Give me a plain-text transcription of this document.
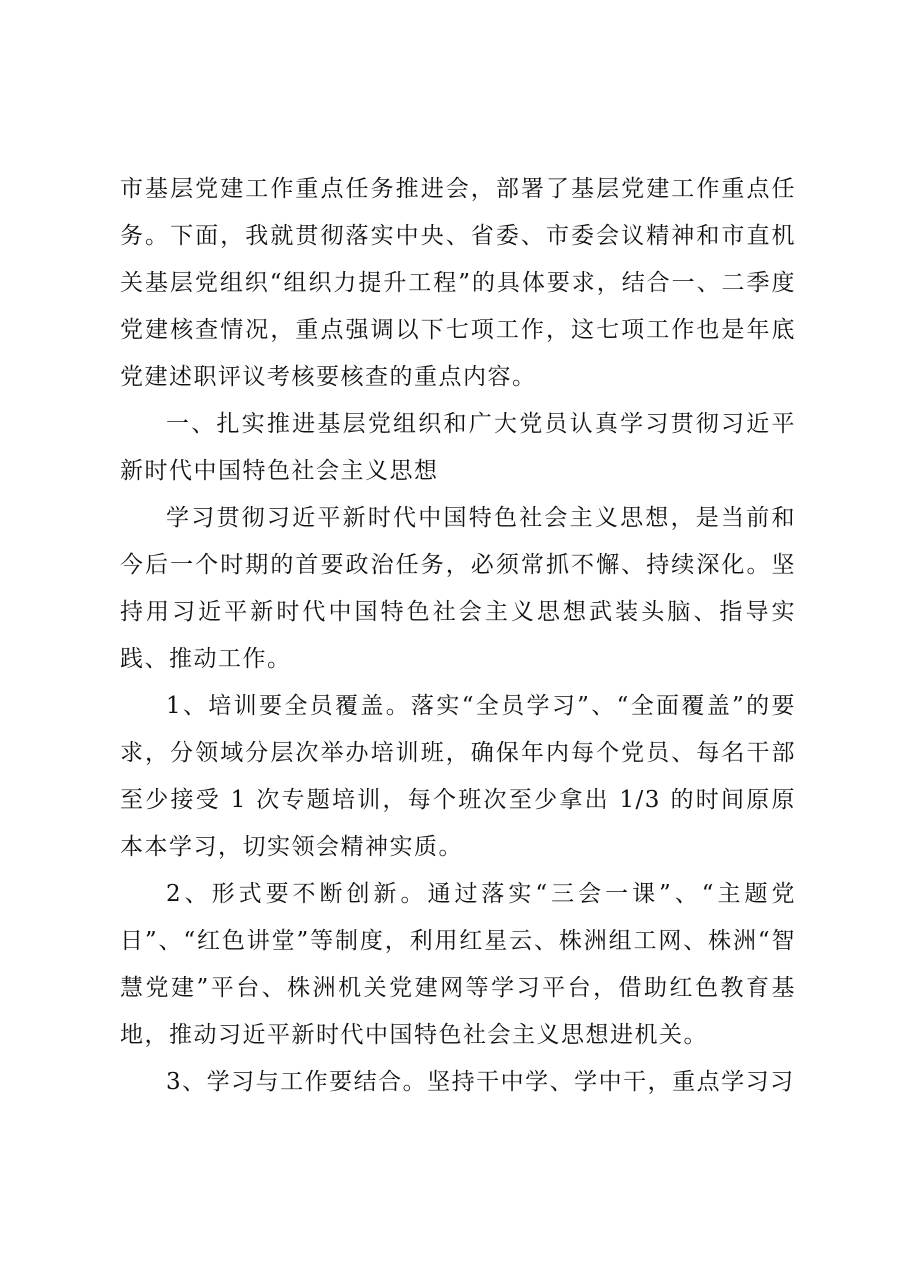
市基层党建工作重点任务推进会，部署了基层党建工作重点任务。下面，我就贯彻落实中央、省委、市委会议精神和市直机关基层党组织“组织力提升工程”的具体要求，结合一、二季度党建核查情况，重点强调以下七项工作，这七项工作也是年底党建述职评议考核要核查的重点内容。

一、扎实推进基层党组织和广大党员认真学习贯彻习近平新时代中国特色社会主义思想

学习贯彻习近平新时代中国特色社会主义思想，是当前和今后一个时期的首要政治任务，必须常抓不懈、持续深化。坚持用习近平新时代中国特色社会主义思想武装头脑、指导实践、推动工作。

1、培训要全员覆盖。落实“全员学习”、“全面覆盖”的要求，分领域分层次举办培训班，确保年内每个党员、每名干部至少接受 1 次专题培训，每个班次至少拿出 1/3 的时间原原本本学习，切实领会精神实质。

2、形式要不断创新。通过落实“三会一课”、“主题党日”、“红色讲堂”等制度，利用红星云、株洲组工网、株洲“智慧党建”平台、株洲机关党建网等学习平台，借助红色教育基地，推动习近平新时代中国特色社会主义思想进机关。

3、学习与工作要结合。坚持干中学、学中干，重点学习习
